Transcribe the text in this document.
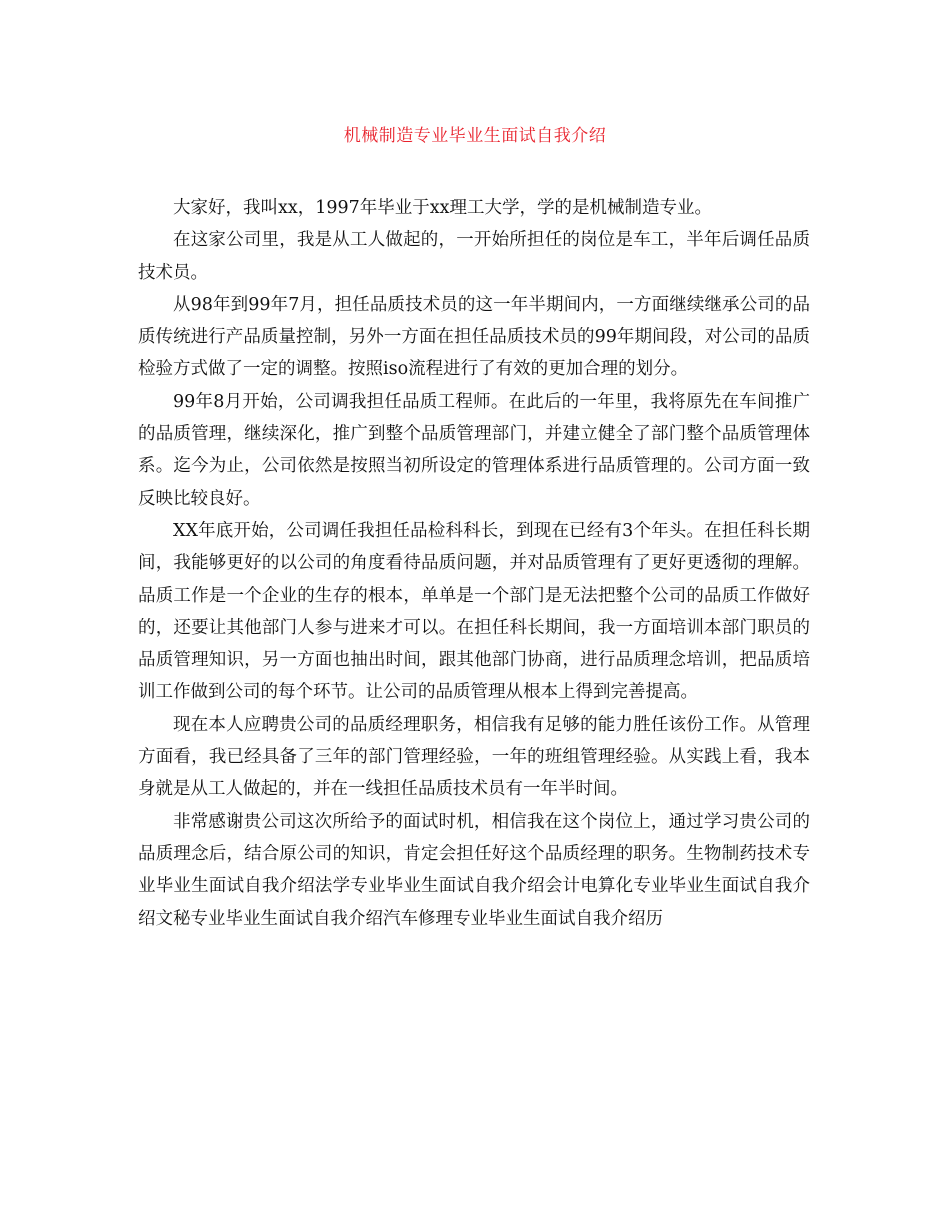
机械制造专业毕业生面试自我介绍

大家好，我叫xx，1997年毕业于xx理工大学，学的是机械制造专业。

在这家公司里，我是从工人做起的，一开始所担任的岗位是车工，半年后调任品质技术员。

从98年到99年7月，担任品质技术员的这一年半期间内，一方面继续继承公司的品质传统进行产品质量控制，另外一方面在担任品质技术员的99年期间段，对公司的品质检验方式做了一定的调整。按照iso流程进行了有效的更加合理的划分。

99年8月开始，公司调我担任品质工程师。在此后的一年里，我将原先在车间推广的品质管理，继续深化，推广到整个品质管理部门，并建立健全了部门整个品质管理体系。迄今为止，公司依然是按照当初所设定的管理体系进行品质管理的。公司方面一致反映比较良好。

XX年底开始，公司调任我担任品检科科长，到现在已经有3个年头。在担任科长期间，我能够更好的以公司的角度看待品质问题，并对品质管理有了更好更透彻的理解。品质工作是一个企业的生存的根本，单单是一个部门是无法把整个公司的品质工作做好的，还要让其他部门人参与进来才可以。在担任科长期间，我一方面培训本部门职员的品质管理知识，另一方面也抽出时间，跟其他部门协商，进行品质理念培训，把品质培训工作做到公司的每个环节。让公司的品质管理从根本上得到完善提高。

现在本人应聘贵公司的品质经理职务，相信我有足够的能力胜任该份工作。从管理方面看，我已经具备了三年的部门管理经验，一年的班组管理经验。从实践上看，我本身就是从工人做起的，并在一线担任品质技术员有一年半时间。

非常感谢贵公司这次所给予的面试时机，相信我在这个岗位上，通过学习贵公司的品质理念后，结合原公司的知识，肯定会担任好这个品质经理的职务。生物制药技术专业毕业生面试自我介绍法学专业毕业生面试自我介绍会计电算化专业毕业生面试自我介绍文秘专业毕业生面试自我介绍汽车修理专业毕业生面试自我介绍历
